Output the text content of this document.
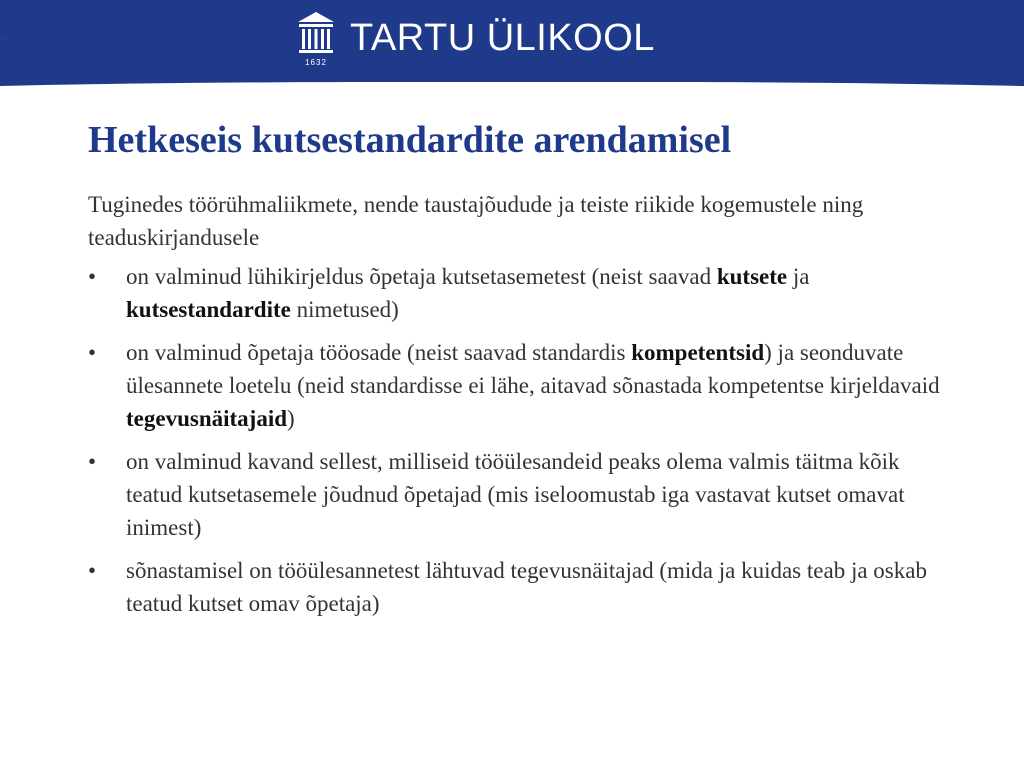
1632
TARTU ÜLIKOOL
Hetkeseis kutsestandardite arendamisel

Tuginedes töörühmaliikmete, nende taustajõudude ja teiste riikide kogemustele ning teaduskirjandusele

• on valminud lühikirjeldus õpetaja kutsetasemetest (neist saavad kutsete ja kutsestandardite nimetused)
• on valminud õpetaja tööosade (neist saavad standardis kompetentsid) ja seonduvate ülesannete loetelu (neid standardisse ei lähe, aitavad sõnastada kompetentse kirjeldavaid tegevusnäitajaid)
• on valminud kavand sellest, milliseid tööülesandeid peaks olema valmis täitma kõik teatud kutsetasemele jõudnud õpetajad (mis iseloomustab iga vastavat kutset omavat inimest)
• sõnastamisel on tööülesannetest lähtuvad tegevusnäitajad (mida ja kuidas teab ja oskab teatud kutset omav õpetaja)
